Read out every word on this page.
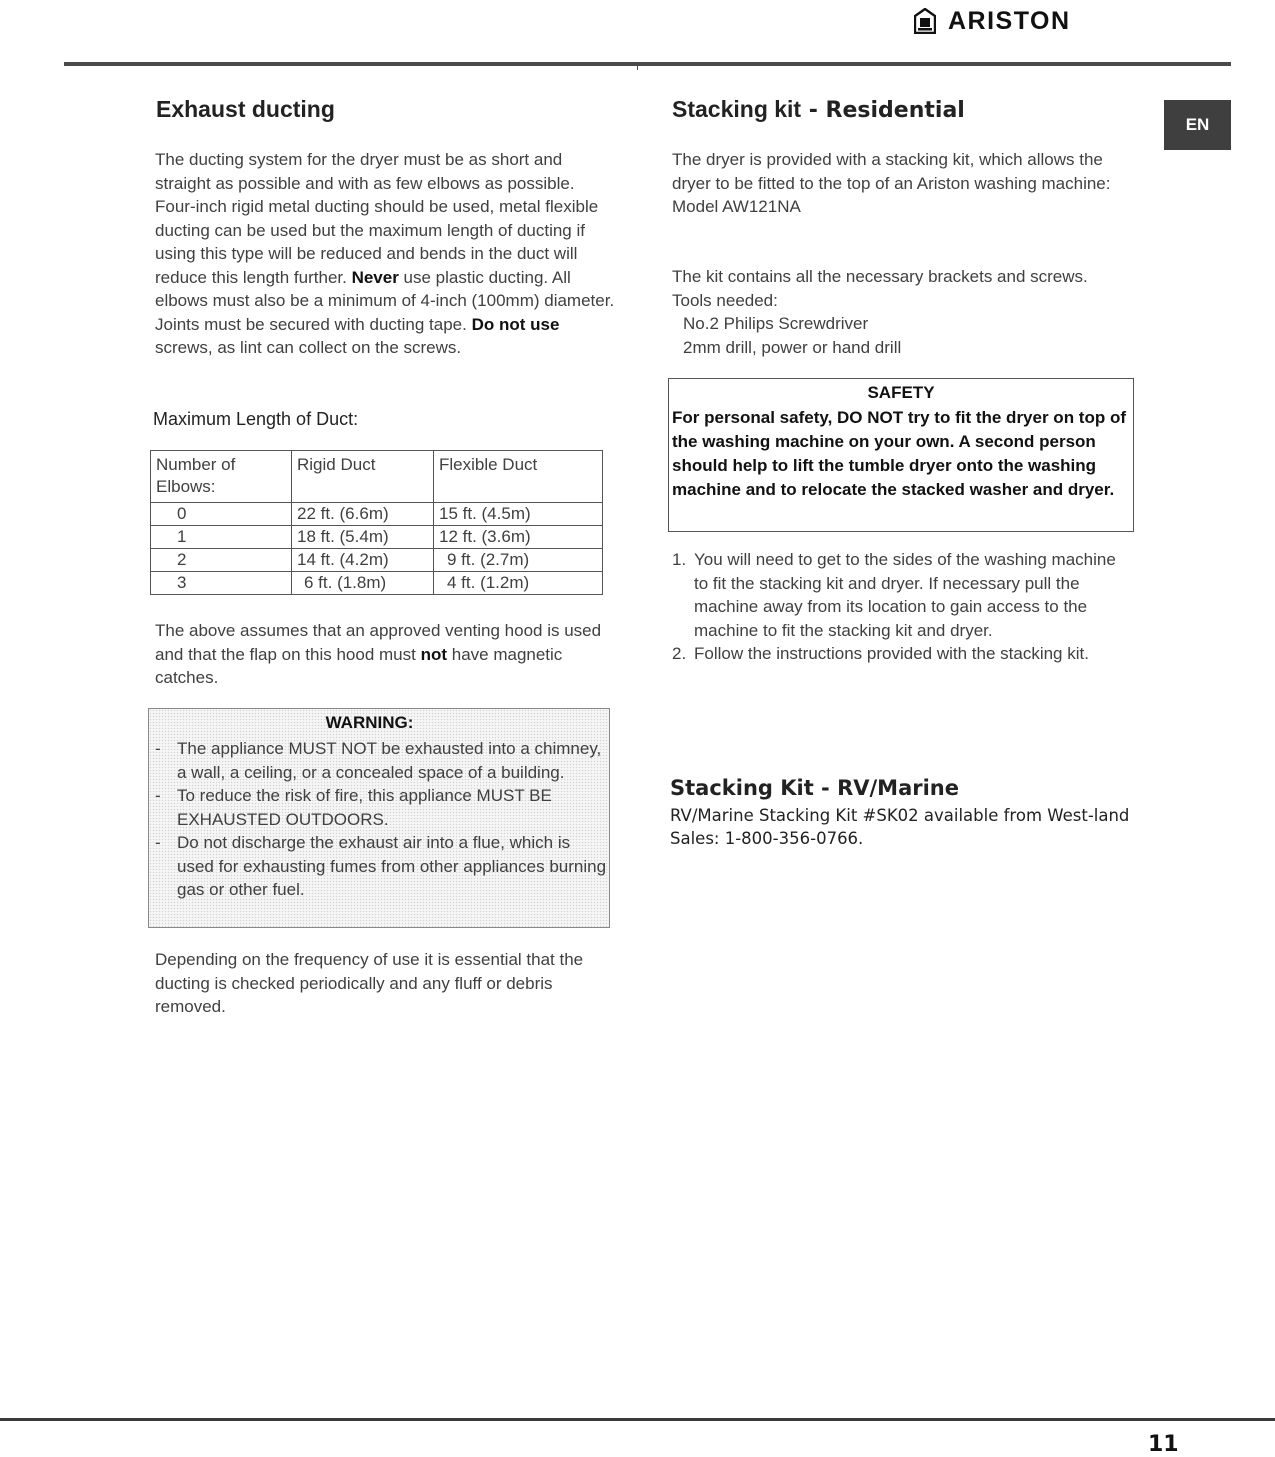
ARISTON
EN
Exhaust ducting
The ducting system for the dryer must be as short and straight as possible and with as few elbows as possible. Four-inch rigid metal ducting should be used, metal flexible ducting can be used but the maximum length of ducting if using this type will be reduced and bends in the duct will reduce this length further. Never use plastic ducting. All elbows must also be a minimum of 4-inch (100mm) diameter. Joints must be secured with ducting tape. Do not use screws, as lint can collect on the screws.
Maximum Length of Duct:
Number of Elbows:	Rigid Duct	Flexible Duct
0	22 ft. (6.6m)	15 ft. (4.5m)
1	18 ft. (5.4m)	12 ft. (3.6m)
2	14 ft. (4.2m)	9 ft. (2.7m)
3	6 ft. (1.8m)	4 ft. (1.2m)
The above assumes that an approved venting hood is used and that the flap on this hood must not have magnetic catches.
WARNING:
- The appliance MUST NOT be exhausted into a chimney, a wall, a ceiling, or a concealed space of a building.
- To reduce the risk of fire, this appliance MUST BE EXHAUSTED OUTDOORS.
- Do not discharge the exhaust air into a flue, which is used for exhausting fumes from other appliances burning gas or other fuel.
Depending on the frequency of use it is essential that the ducting is checked periodically and any fluff or debris removed.
Stacking kit - Residential
The dryer is provided with a stacking kit, which allows the dryer to be fitted to the top of an Ariston washing machine:
Model AW121NA
The kit contains all the necessary brackets and screws.
Tools needed:
No.2 Philips Screwdriver
2mm drill, power or hand drill
SAFETY
For personal safety, DO NOT try to fit the dryer on top of the washing machine on your own. A second person should help to lift the tumble dryer onto the washing machine and to relocate the stacked washer and dryer.
1. You will need to get to the sides of the washing machine to fit the stacking kit and dryer. If necessary pull the machine away from its location to gain access to the machine to fit the stacking kit and dryer.
2. Follow the instructions provided with the stacking kit.
Stacking Kit - RV/Marine
RV/Marine Stacking Kit #SK02 available from West-land Sales: 1-800-356-0766.
11
